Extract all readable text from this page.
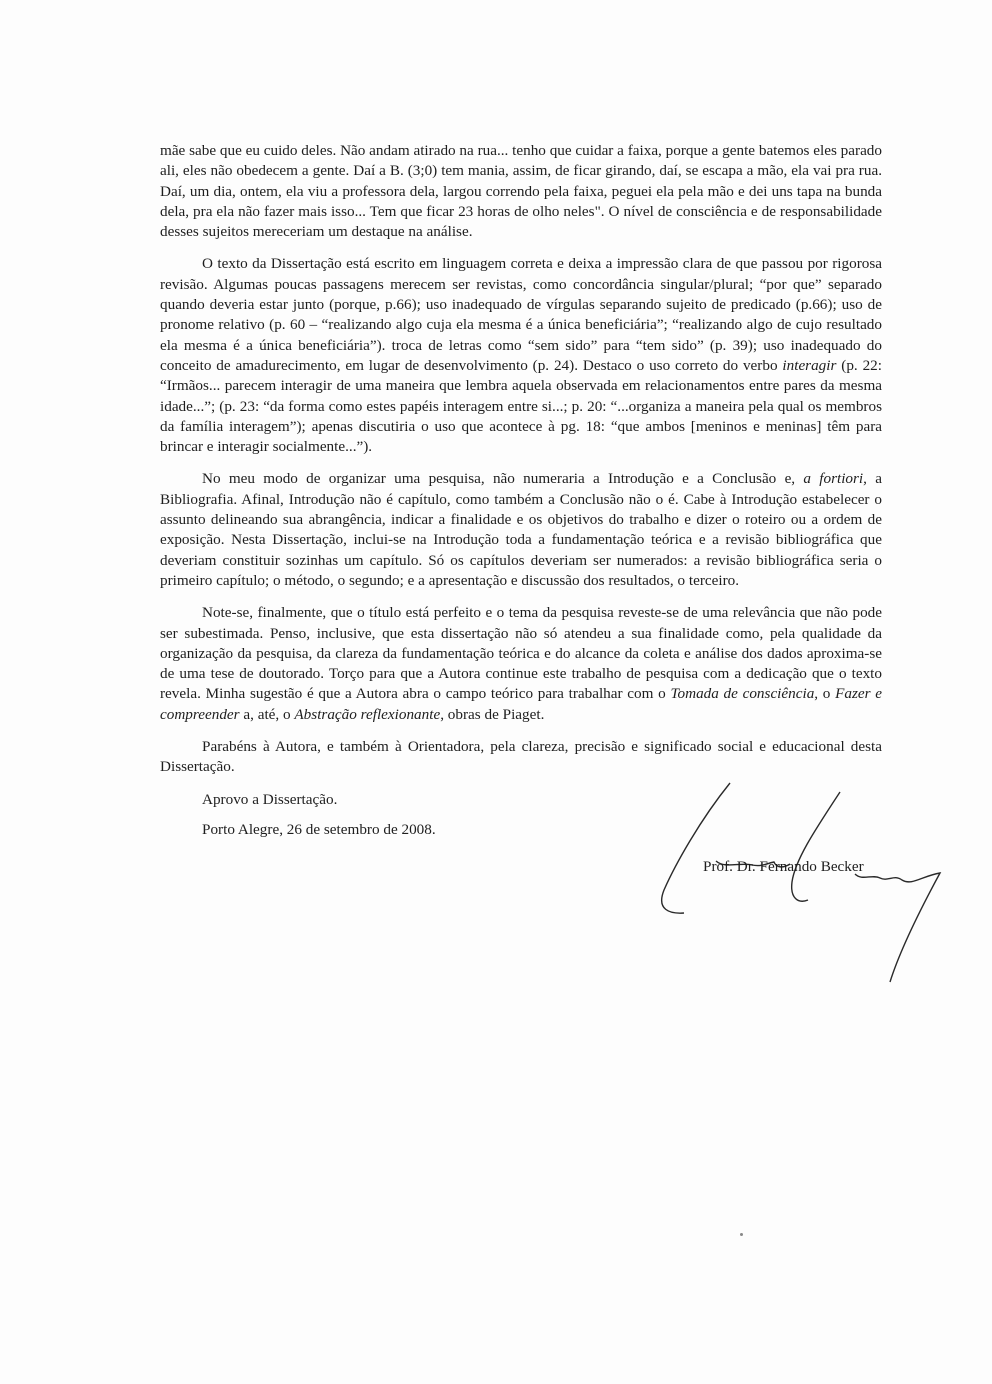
mãe sabe que eu cuido deles. Não andam atirado na rua... tenho que cuidar a faixa, porque a gente batemos eles parado ali, eles não obedecem a gente. Daí a B. (3;0) tem mania, assim, de ficar girando, daí, se escapa a mão, ela vai pra rua. Daí, um dia, ontem, ela viu a professora dela, largou correndo pela faixa, peguei ela pela mão e dei uns tapa na bunda dela, pra ela não fazer mais isso... Tem que ficar 23 horas de olho neles". O nível de consciência e de responsabilidade desses sujeitos mereceriam um destaque na análise.

O texto da Dissertação está escrito em linguagem correta e deixa a impressão clara de que passou por rigorosa revisão. Algumas poucas passagens merecem ser revistas, como concordância singular/plural; “por que” separado quando deveria estar junto (porque, p.66); uso inadequado de vírgulas separando sujeito de predicado (p.66); uso de pronome relativo (p. 60 – “realizando algo cuja ela mesma é a única beneficiária”; “realizando algo de cujo resultado ela mesma é a única beneficiária”). troca de letras como “sem sido” para “tem sido” (p. 39); uso inadequado do conceito de amadurecimento, em lugar de desenvolvimento (p. 24). Destaco o uso correto do verbo interagir (p. 22: “Irmãos... parecem interagir de uma maneira que lembra aquela observada em relacionamentos entre pares da mesma idade...”; (p. 23: “da forma como estes papéis interagem entre si...; p. 20: “...organiza a maneira pela qual os membros da família interagem”); apenas discutiria o uso que acontece à pg. 18: “que ambos [meninos e meninas] têm para brincar e interagir socialmente...”).

No meu modo de organizar uma pesquisa, não numeraria a Introdução e a Conclusão e, a fortiori, a Bibliografia. Afinal, Introdução não é capítulo, como também a Conclusão não o é. Cabe à Introdução estabelecer o assunto delineando sua abrangência, indicar a finalidade e os objetivos do trabalho e dizer o roteiro ou a ordem de exposição. Nesta Dissertação, inclui-se na Introdução toda a fundamentação teórica e a revisão bibliográfica que deveriam constituir sozinhas um capítulo. Só os capítulos deveriam ser numerados: a revisão bibliográfica seria o primeiro capítulo; o método, o segundo; e a apresentação e discussão dos resultados, o terceiro.

Note-se, finalmente, que o título está perfeito e o tema da pesquisa reveste-se de uma relevância que não pode ser subestimada. Penso, inclusive, que esta dissertação não só atendeu a sua finalidade como, pela qualidade da organização da pesquisa, da clareza da fundamentação teórica e do alcance da coleta e análise dos dados aproxima-se de uma tese de doutorado. Torço para que a Autora continue este trabalho de pesquisa com a dedicação que o texto revela. Minha sugestão é que a Autora abra o campo teórico para trabalhar com o Tomada de consciência, o Fazer e compreender a, até, o Abstração reflexionante, obras de Piaget.

Parabéns à Autora, e também à Orientadora, pela clareza, precisão e significado social e educacional desta Dissertação.

Aprovo a Dissertação.

Porto Alegre, 26 de setembro de 2008.

Prof. Dr. Fernando Becker
